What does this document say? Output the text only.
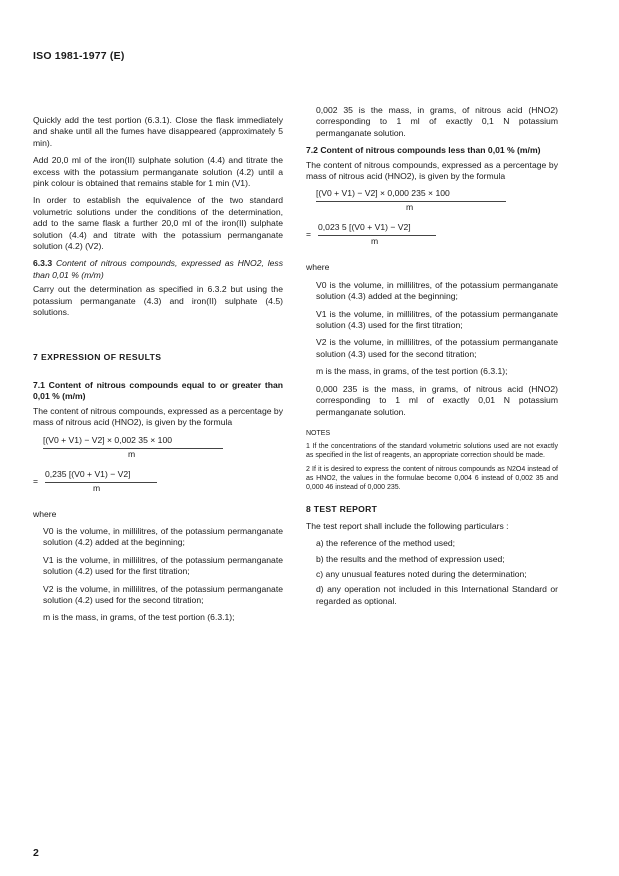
ISO 1981-1977 (E)

Quickly add the test portion (6.3.1). Close the flask immediately and shake until all the fumes have disappeared (approximately 5 min).

Add 20,0 ml of the iron(II) sulphate solution (4.4) and titrate the excess with the potassium permanganate solution (4.2) until a pink colour is obtained that remains stable for 1 min (V1).

In order to establish the equivalence of the two standard volumetric solutions under the conditions of the determination, add to the same flask a further 20,0 ml of the iron(II) sulphate solution (4.4) and titrate with the potassium permanganate solution (4.2) (V2).

6.3.3 Content of nitrous compounds, expressed as HNO2, less than 0,01 % (m/m)

Carry out the determination as specified in 6.3.2 but using the potassium permanganate (4.3) and iron(II) sulphate (4.5) solutions.

7 EXPRESSION OF RESULTS

7.1 Content of nitrous compounds equal to or greater than 0,01 % (m/m)

The content of nitrous compounds, expressed as a percentage by mass of nitrous acid (HNO2), is given by the formula

[(V0 + V1) − V2] × 0,002 35 × 100
m
=
0,235 [(V0 + V1) − V2]
m

where

V0 is the volume, in millilitres, of the potassium permanganate solution (4.2) added at the beginning;

V1 is the volume, in millilitres, of the potassium permanganate solution (4.2) used for the first titration;

V2 is the volume, in millilitres, of the potassium permanganate solution (4.2) used for the second titration;

m is the mass, in grams, of the test portion (6.3.1);

0,002 35 is the mass, in grams, of nitrous acid (HNO2) corresponding to 1 ml of exactly 0,1 N potassium permanganate solution.

7.2 Content of nitrous compounds less than 0,01 % (m/m)

The content of nitrous compounds, expressed as a percentage by mass of nitrous acid (HNO2), is given by the formula

[(V0 + V1) − V2] × 0,000 235 × 100
m
=
0,023 5 [(V0 + V1) − V2]
m

where

V0 is the volume, in millilitres, of the potassium permanganate solution (4.3) added at the beginning;

V1 is the volume, in millilitres, of the potassium permanganate solution (4.3) used for the first titration;

V2 is the volume, in millilitres, of the potassium permanganate solution (4.3) used for the second titration;

m is the mass, in grams, of the test portion (6.3.1);

0,000 235 is the mass, in grams, of nitrous acid (HNO2) corresponding to 1 ml of exactly 0,01 N potassium permanganate solution.

NOTES

1 If the concentrations of the standard volumetric solutions used are not exactly as specified in the list of reagents, an appropriate correction should be made.

2 If it is desired to express the content of nitrous compounds as N2O4 instead of as HNO2, the values in the formulae become 0,004 6 instead of 0,002 35 and 0,000 46 instead of 0,000 235.

8 TEST REPORT

The test report shall include the following particulars :

a) the reference of the method used;

b) the results and the method of expression used;

c) any unusual features noted during the determination;

d) any operation not included in this International Standard or regarded as optional.

2
